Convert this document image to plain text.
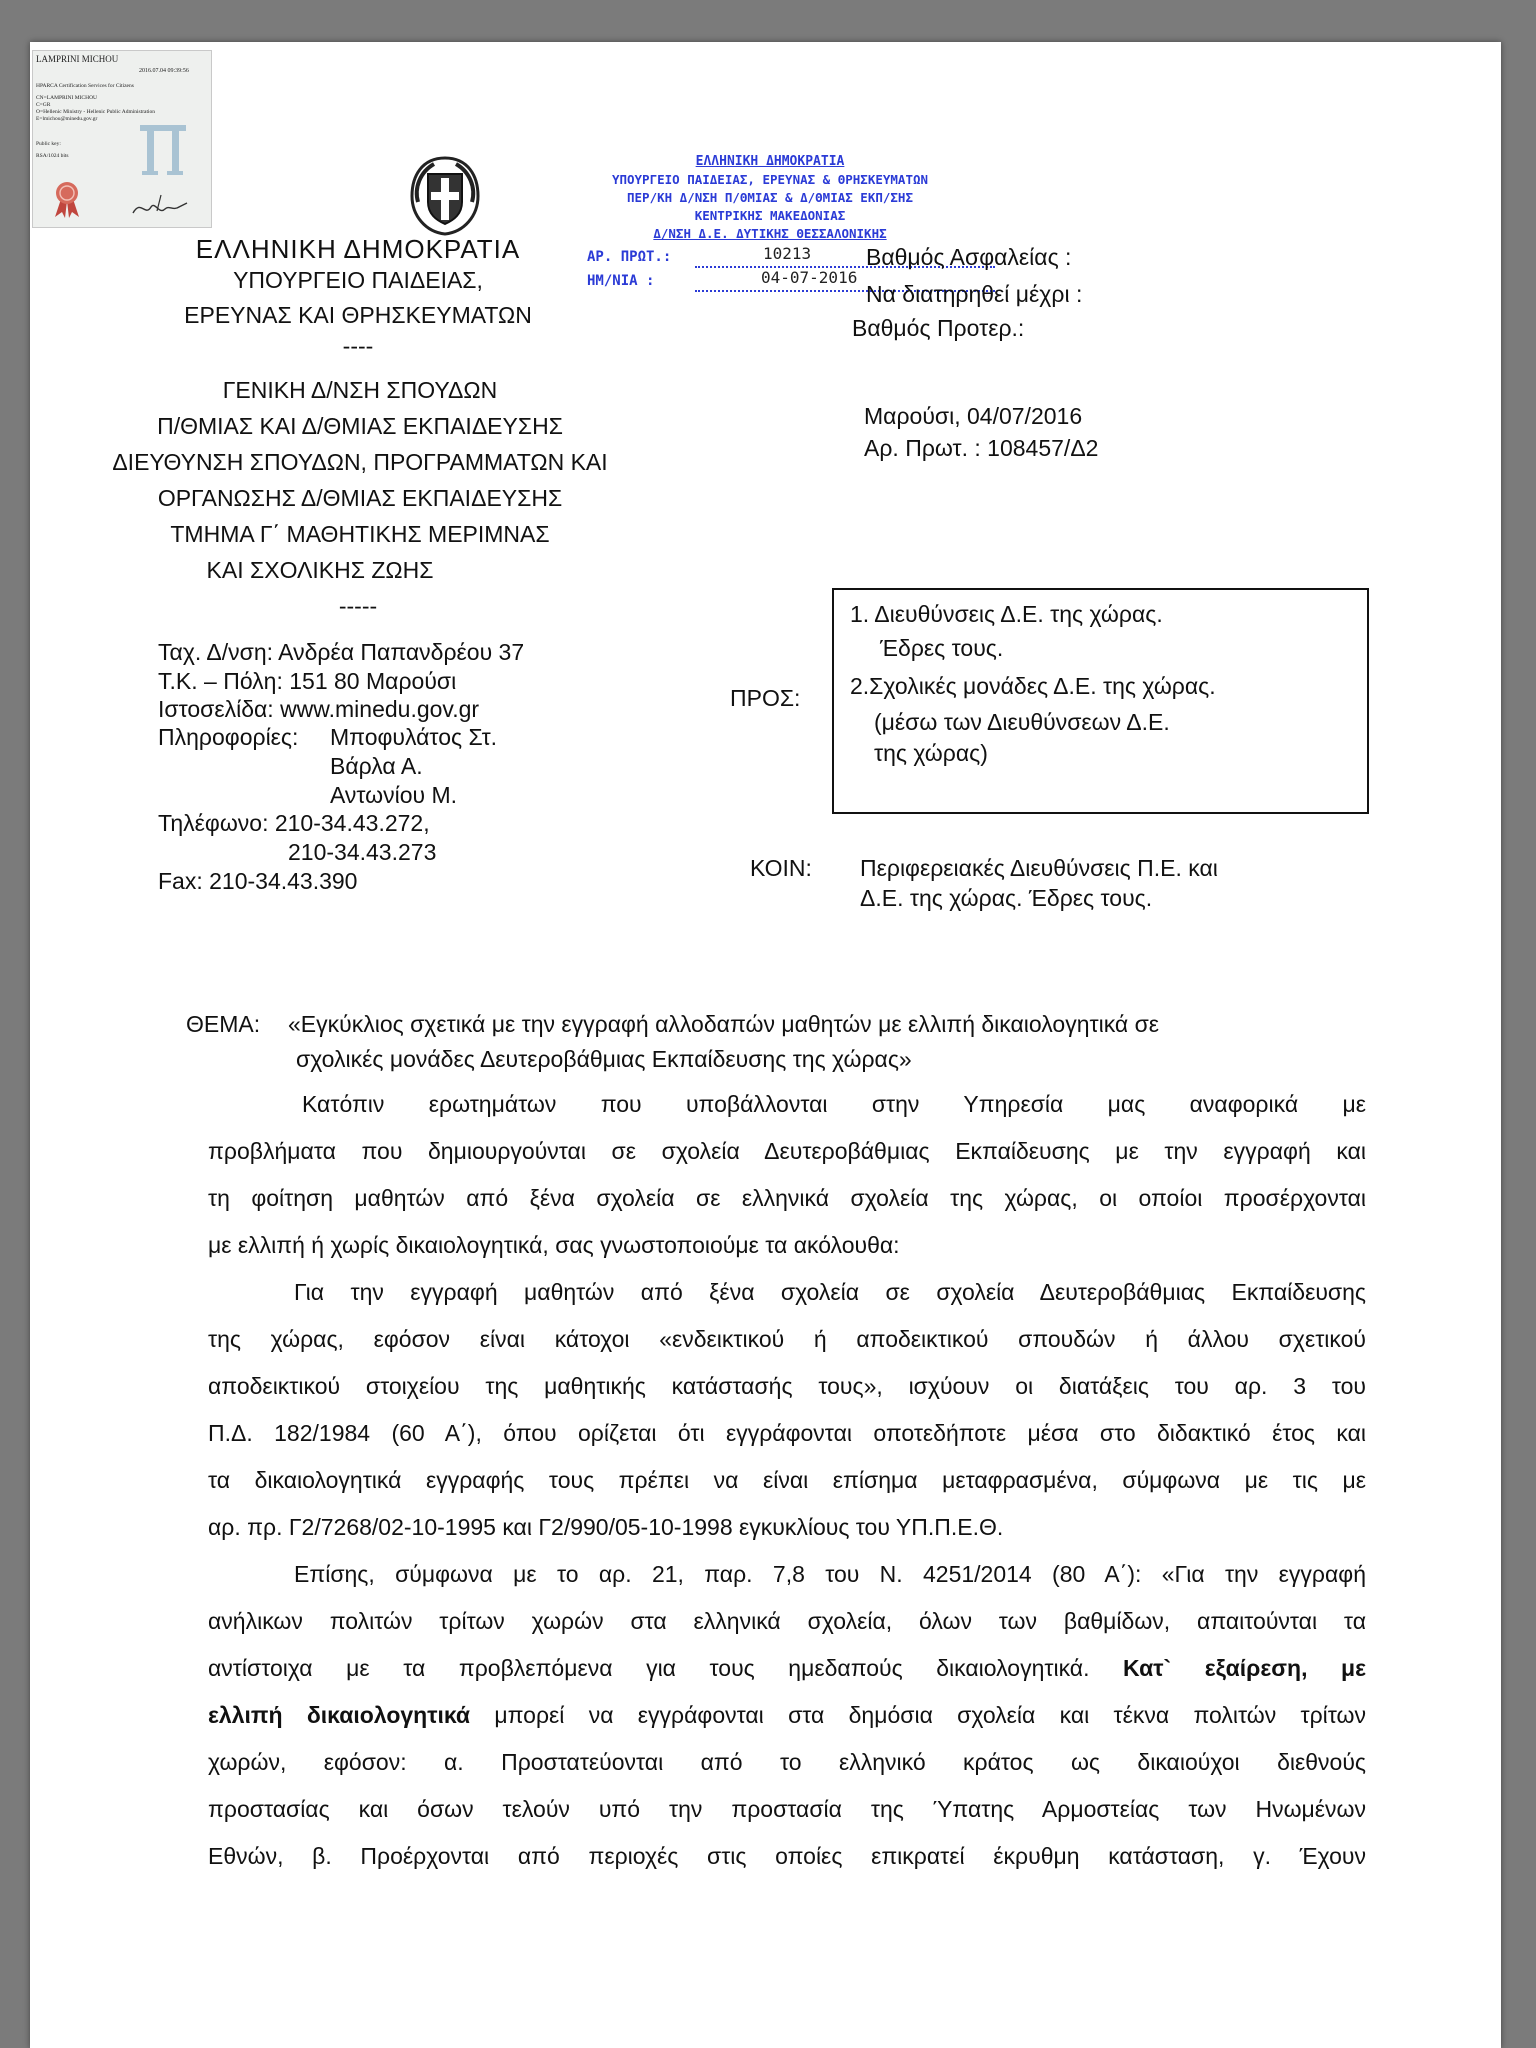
LAMPRINI MICHOU
2016.07.04 09:39:56
HPARCA Certification Services for Citizens
CN=LAMPRINI MICHOU
C=GR
O=Hellenic Ministry - Hellenic Public Administration
E=lmichou@minedu.gov.gr
Public key:
RSA/1024 bits	ΕΛΛΗΝΙΚΗ ΔΗΜΟΚΡΑΤΙΑ
ΥΠΟΥΡΓΕΙΟ ΠΑΙΔΕΙΑΣ, ΕΡΕΥΝΑΣ & ΘΡΗΣΚΕΥΜΑΤΩΝ
ΠΕΡ/ΚΗ Δ/ΝΣΗ Π/ΘΜΙΑΣ & Δ/ΘΜΙΑΣ ΕΚΠ/ΣΗΣ
ΚΕΝΤΡΙΚΗΣ ΜΑΚΕΔΟΝΙΑΣ
Δ/ΝΣΗ Δ.Ε. ΔΥΤΙΚΗΣ ΘΕΣΣΑΛΟΝΙΚΗΣ
ΑΡ. ΠΡΩΤ.:	10213
ΗΜ/ΝΙΑ :	04-07-2016
ΕΛΛΗΝΙΚΗ ΔΗΜΟΚΡΑΤΙΑ
ΥΠΟΥΡΓΕΙΟ ΠΑΙΔΕΙΑΣ,
ΕΡΕΥΝΑΣ ΚΑΙ ΘΡΗΣΚΕΥΜΑΤΩΝ
----
ΓΕΝΙΚΗ Δ/ΝΣΗ ΣΠΟΥΔΩΝ
Π/ΘΜΙΑΣ ΚΑΙ Δ/ΘΜΙΑΣ ΕΚΠΑΙΔΕΥΣΗΣ
ΔΙΕΥΘΥΝΣΗ ΣΠΟΥΔΩΝ, ΠΡΟΓΡΑΜΜΑΤΩΝ ΚΑΙ
ΟΡΓΑΝΩΣΗΣ Δ/ΘΜΙΑΣ ΕΚΠΑΙΔΕΥΣΗΣ
ΤΜΗΜΑ Γ΄ ΜΑΘΗΤΙΚΗΣ ΜΕΡΙΜΝΑΣ
ΚΑΙ ΣΧΟΛΙΚΗΣ ΖΩΗΣ
-----
Ταχ. Δ/νση: Ανδρέα Παπανδρέου 37
Τ.Κ. – Πόλη: 151 80 Μαρούσι
Ιστοσελίδα: www.minedu.gov.gr
Πληροφορίες: Μποφυλάτος Στ.
Βάρλα Α.
Αντωνίου Μ.
Τηλέφωνο: 210-34.43.272,
210-34.43.273
Fax: 210-34.43.390
Βαθμός Ασφαλείας :
Να διατηρηθεί μέχρι :
Βαθμός Προτερ.:
Μαρούσι, 04/07/2016
Αρ. Πρωτ. : 108457/Δ2
ΠΡΟΣ:
1. Διευθύνσεις Δ.Ε. της χώρας.
Έδρες τους.
2.Σχολικές μονάδες Δ.Ε. της χώρας.
(μέσω των Διευθύνσεων Δ.Ε.
της χώρας)
ΚΟΙΝ: Περιφερειακές Διευθύνσεις Π.Ε. και
Δ.Ε. της χώρας. Έδρες τους.
ΘΕΜΑ: «Εγκύκλιος σχετικά με την εγγραφή αλλοδαπών μαθητών με ελλιπή δικαιολογητικά σε
σχολικές μονάδες Δευτεροβάθμιας Εκπαίδευσης της χώρας»
Κατόπιν ερωτημάτων που υποβάλλονται στην Υπηρεσία μας αναφορικά με
προβλήματα που δημιουργούνται σε σχολεία Δευτεροβάθμιας Εκπαίδευσης με την εγγραφή και
τη φοίτηση μαθητών από ξένα σχολεία σε ελληνικά σχολεία της χώρας, οι οποίοι προσέρχονται
με ελλιπή ή χωρίς δικαιολογητικά, σας γνωστοποιούμε τα ακόλουθα:
Για την εγγραφή μαθητών από ξένα σχολεία σε σχολεία Δευτεροβάθμιας Εκπαίδευσης
της χώρας, εφόσον είναι κάτοχοι «ενδεικτικού ή αποδεικτικού σπουδών ή άλλου σχετικού
αποδεικτικού στοιχείου της μαθητικής κατάστασής τους», ισχύουν οι διατάξεις του αρ. 3 του
Π.Δ. 182/1984 (60 Α΄), όπου ορίζεται ότι εγγράφονται οποτεδήποτε μέσα στο διδακτικό έτος και
τα δικαιολογητικά εγγραφής τους πρέπει να είναι επίσημα μεταφρασμένα, σύμφωνα με τις με
αρ. πρ. Γ2/7268/02-10-1995 και Γ2/990/05-10-1998 εγκυκλίους του ΥΠ.Π.Ε.Θ.
Επίσης, σύμφωνα με το αρ. 21, παρ. 7,8 του Ν. 4251/2014 (80 Α΄): «Για την εγγραφή
ανήλικων πολιτών τρίτων χωρών στα ελληνικά σχολεία, όλων των βαθμίδων, απαιτούνται τα
αντίστοιχα με τα προβλεπόμενα για τους ημεδαπούς δικαιολογητικά. Κατ` εξαίρεση, με
ελλιπή δικαιολογητικά μπορεί να εγγράφονται στα δημόσια σχολεία και τέκνα πολιτών τρίτων
χωρών, εφόσον: α. Προστατεύονται από το ελληνικό κράτος ως δικαιούχοι διεθνούς
προστασίας και όσων τελούν υπό την προστασία της Ύπατης Αρμοστείας των Ηνωμένων
Εθνών, β. Προέρχονται από περιοχές στις οποίες επικρατεί έκρυθμη κατάσταση, γ. Έχουν
